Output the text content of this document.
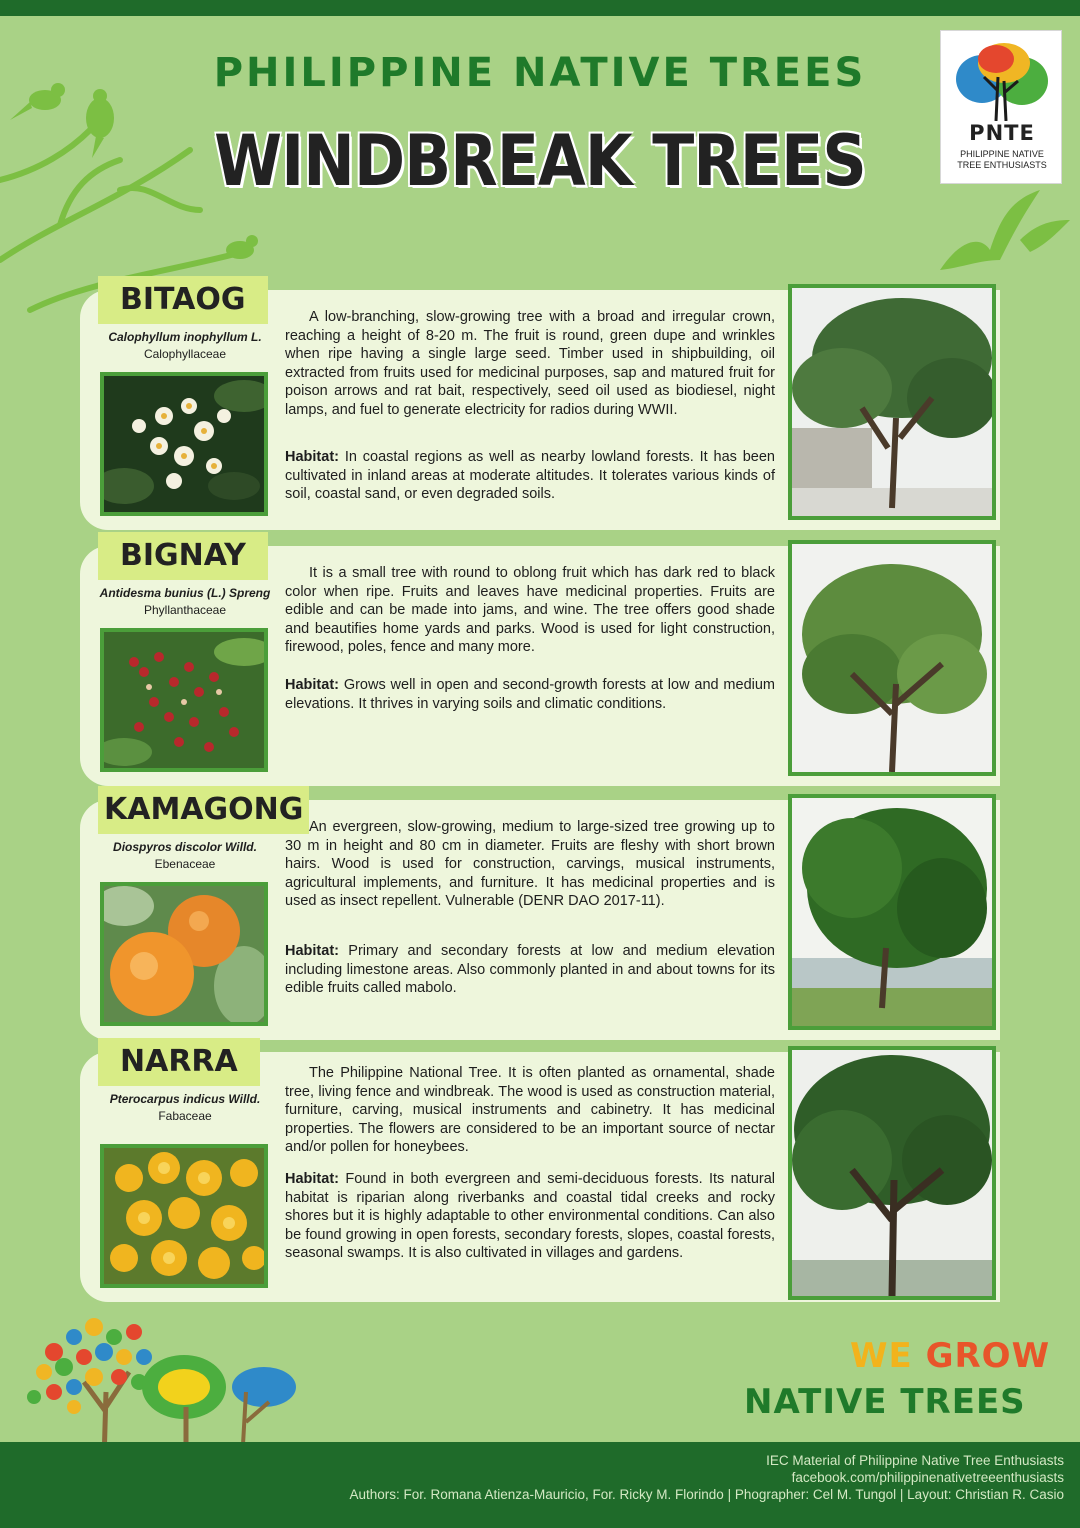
PHILIPPINE NATIVE TREES
WINDBREAK TREES	PNTE
PHILIPPINE NATIVE TREE ENTHUSIASTS
BITAOG
Calophyllum inophyllum L.
Calophyllaceae
A low-branching, slow-growing tree with a broad and irregular crown, reaching a height of 8-20 m. The fruit is round, green dupe and wrinkles when ripe having a single large seed. Timber used in shipbuilding, oil extracted from fruits used for medicinal purposes, sap and matured fruit for poison arrows and rat bait, respectively, seed oil used as biodiesel, night lamps, and fuel to generate electricity for radios during WWII.
Habitat: In coastal regions as well as nearby lowland forests. It has been cultivated in inland areas at moderate altitudes. It tolerates various kinds of soil, coastal sand, or even degraded soils.
BIGNAY
Antidesma bunius (L.) Spreng
Phyllanthaceae
It is a small tree with round to oblong fruit which has dark red to black color when ripe. Fruits and leaves have medicinal properties. Fruits are edible and can be made into jams, and wine. The tree offers good shade and beautifies home yards and parks. Wood is used for light construction, firewood, poles, fence and many more.
Habitat: Grows well in open and second-growth forests at low and medium elevations. It thrives in varying soils and climatic conditions.
KAMAGONG
Diospyros discolor Willd.
Ebenaceae
An evergreen, slow-growing, medium to large-sized tree growing up to 30 m in height and 80 cm in diameter. Fruits are fleshy with short brown hairs. Wood is used for construction, carvings, musical instruments, agricultural implements, and furniture. It has medicinal properties and is used as insect repellent. Vulnerable (DENR DAO 2017-11).
Habitat: Primary and secondary forests at low and medium elevation including limestone areas. Also commonly planted in and about towns for its edible fruits called mabolo.
NARRA
Pterocarpus indicus Willd.
Fabaceae
The Philippine National Tree. It is often planted as ornamental, shade tree, living fence and windbreak. The wood is used as construction material, furniture, carving, musical instruments and cabinetry. It has medicinal properties. The flowers are considered to be an important source of nectar and/or pollen for honeybees.
Habitat: Found in both evergreen and semi-deciduous forests. Its natural habitat is riparian along riverbanks and coastal tidal creeks and rocky shores but it is highly adaptable to other environmental conditions. Can also be found growing in open forests, secondary forests, slopes, coastal forests, seasonal swamps. It is also cultivated in villages and gardens.
WE GROW
NATIVE TREES
IEC Material of Philippine Native Tree Enthusiasts
facebook.com/philippinenativetreeenthusiasts
Authors: For. Romana Atienza-Mauricio, For. Ricky M. Florindo | Phographer: Cel M. Tungol | Layout: Christian R. Casio
